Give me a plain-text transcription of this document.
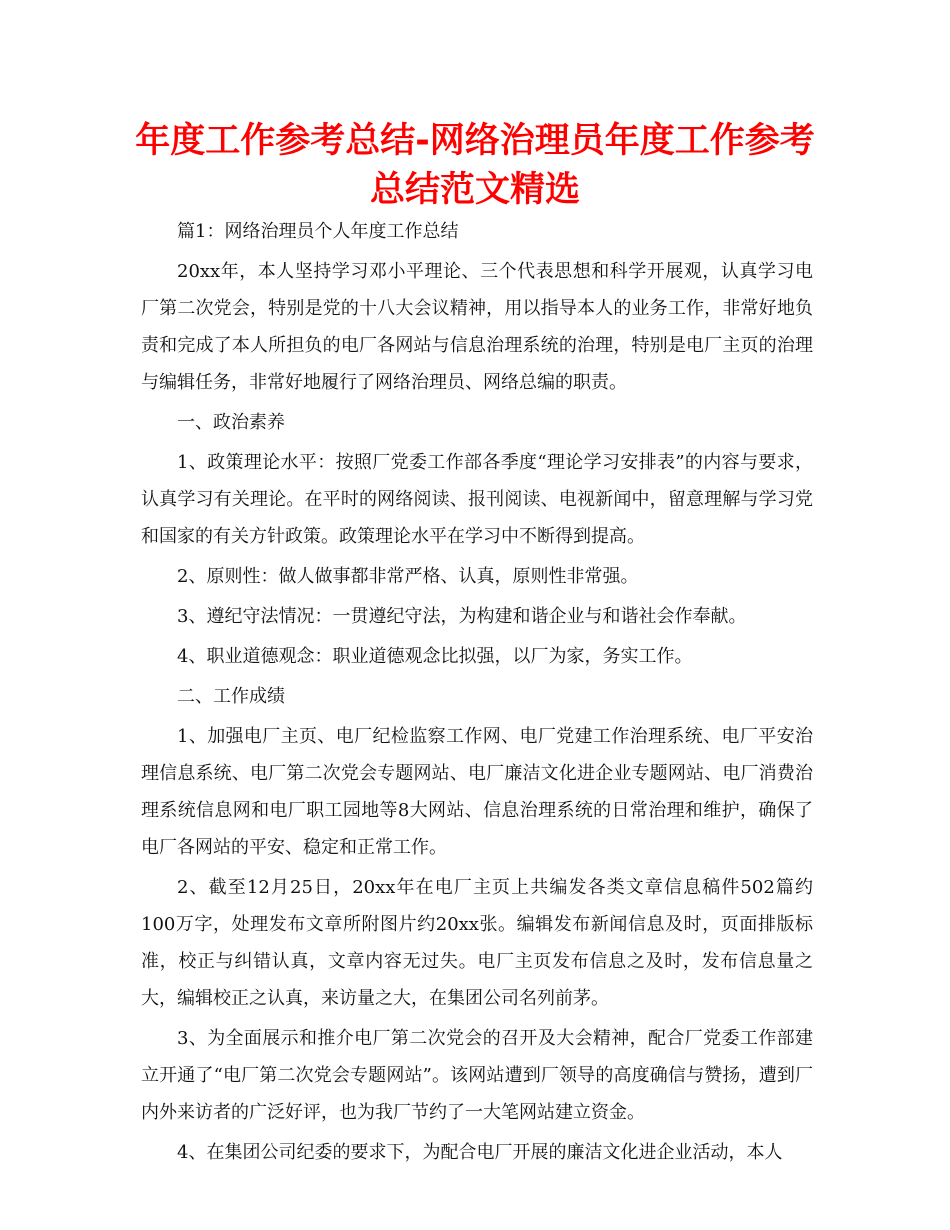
年度工作参考总结-网络治理员年度工作参考总结范文精选

篇1：网络治理员个人年度工作总结

20xx年，本人坚持学习邓小平理论、三个代表思想和科学开展观，认真学习电厂第二次党会，特别是党的十八大会议精神，用以指导本人的业务工作，非常好地负责和完成了本人所担负的电厂各网站与信息治理系统的治理，特别是电厂主页的治理与编辑任务，非常好地履行了网络治理员、网络总编的职责。

一、政治素养

1、政策理论水平：按照厂党委工作部各季度“理论学习安排表”的内容与要求，认真学习有关理论。在平时的网络阅读、报刊阅读、电视新闻中，留意理解与学习党和国家的有关方针政策。政策理论水平在学习中不断得到提高。

2、原则性：做人做事都非常严格、认真，原则性非常强。

3、遵纪守法情况：一贯遵纪守法，为构建和谐企业与和谐社会作奉献。

4、职业道德观念：职业道德观念比拟强，以厂为家，务实工作。

二、工作成绩

1、加强电厂主页、电厂纪检监察工作网、电厂党建工作治理系统、电厂平安治理信息系统、电厂第二次党会专题网站、电厂廉洁文化进企业专题网站、电厂消费治理系统信息网和电厂职工园地等8大网站、信息治理系统的日常治理和维护，确保了电厂各网站的平安、稳定和正常工作。

2、截至12月25日，20xx年在电厂主页上共编发各类文章信息稿件502篇约100万字，处理发布文章所附图片约20xx张。编辑发布新闻信息及时，页面排版标准，校正与纠错认真，文章内容无过失。电厂主页发布信息之及时，发布信息量之大，编辑校正之认真，来访量之大，在集团公司名列前茅。

3、为全面展示和推介电厂第二次党会的召开及大会精神，配合厂党委工作部建立开通了“电厂第二次党会专题网站”。该网站遭到厂领导的高度确信与赞扬，遭到厂内外来访者的广泛好评，也为我厂节约了一大笔网站建立资金。

4、在集团公司纪委的要求下，为配合电厂开展的廉洁文化进企业活动，本人
